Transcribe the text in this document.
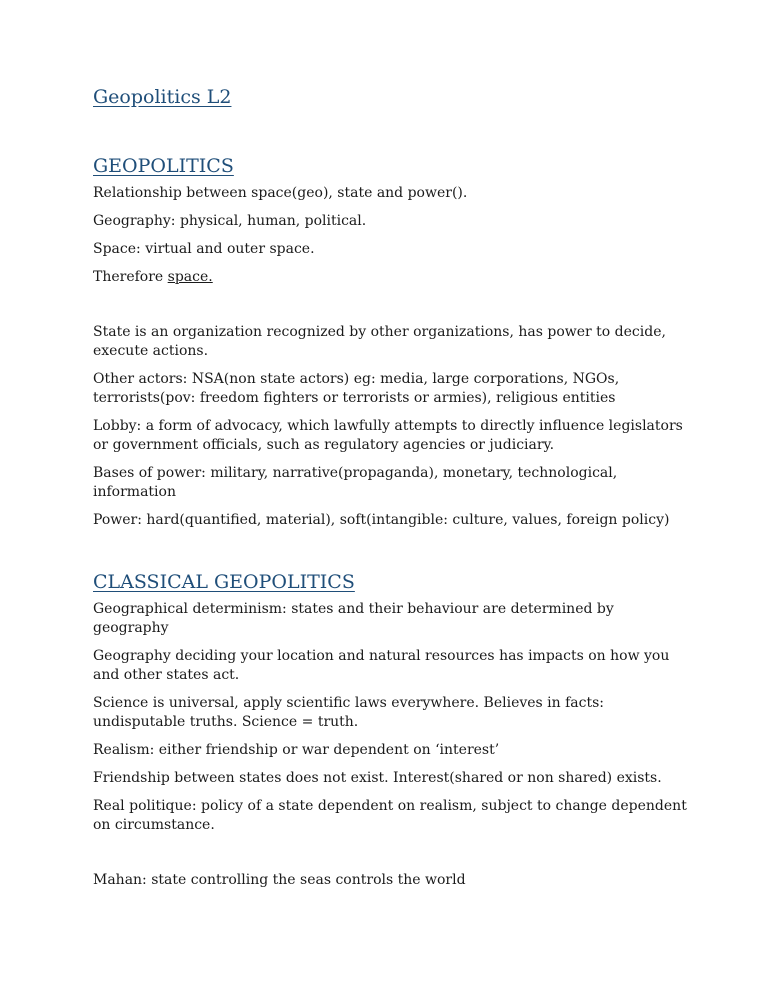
Geopolitics L2
GEOPOLITICS

Relationship between space(geo), state and power().

Geography: physical, human, political.

Space: virtual and outer space.

Therefore space.

State is an organization recognized by other organizations, has power to decide, execute actions.

Other actors: NSA(non state actors) eg: media, large corporations, NGOs, terrorists(pov: freedom fighters or terrorists or armies), religious entities

Lobby: a form of advocacy, which lawfully attempts to directly influence legislators or government officials, such as regulatory agencies or judiciary.

Bases of power: military, narrative(propaganda), monetary, technological, information

Power: hard(quantified, material), soft(intangible: culture, values, foreign policy)

CLASSICAL GEOPOLITICS

Geographical determinism: states and their behaviour are determined by geography

Geography deciding your location and natural resources has impacts on how you and other states act.

Science is universal, apply scientific laws everywhere. Believes in facts: undisputable truths. Science = truth.

Realism: either friendship or war dependent on ‘interest’

Friendship between states does not exist. Interest(shared or non shared) exists.

Real politique: policy of a state dependent on realism, subject to change dependent on circumstance.

Mahan: state controlling the seas controls the world
